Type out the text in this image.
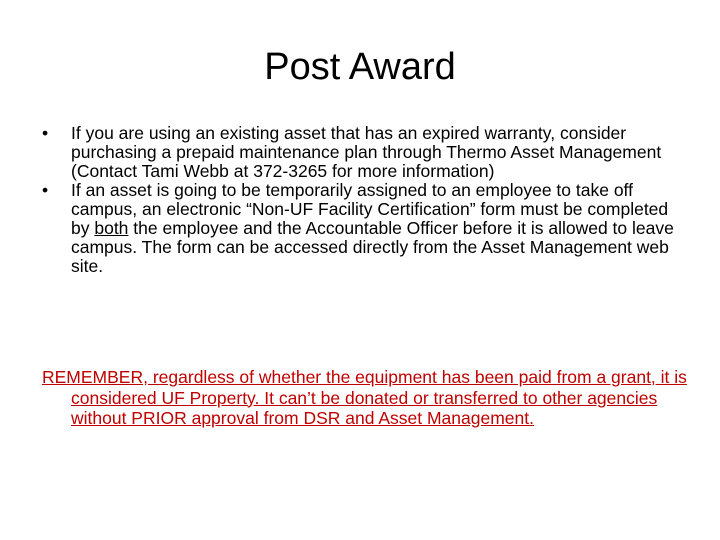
Post Award
•	If you are using an existing asset that has an expired warranty, consider purchasing a prepaid maintenance plan through Thermo Asset Management (Contact Tami Webb at 372-3265 for more information)
•	If an asset is going to be temporarily assigned to an employee to take off campus, an electronic “Non-UF Facility Certification” form must be completed by both the employee and the Accountable Officer before it is allowed to leave campus. The form can be accessed directly from the Asset Management web site.
REMEMBER, regardless of whether the equipment has been paid from a grant, it is considered UF Property. It can’t be donated or transferred to other agencies without PRIOR approval from DSR and Asset Management.
